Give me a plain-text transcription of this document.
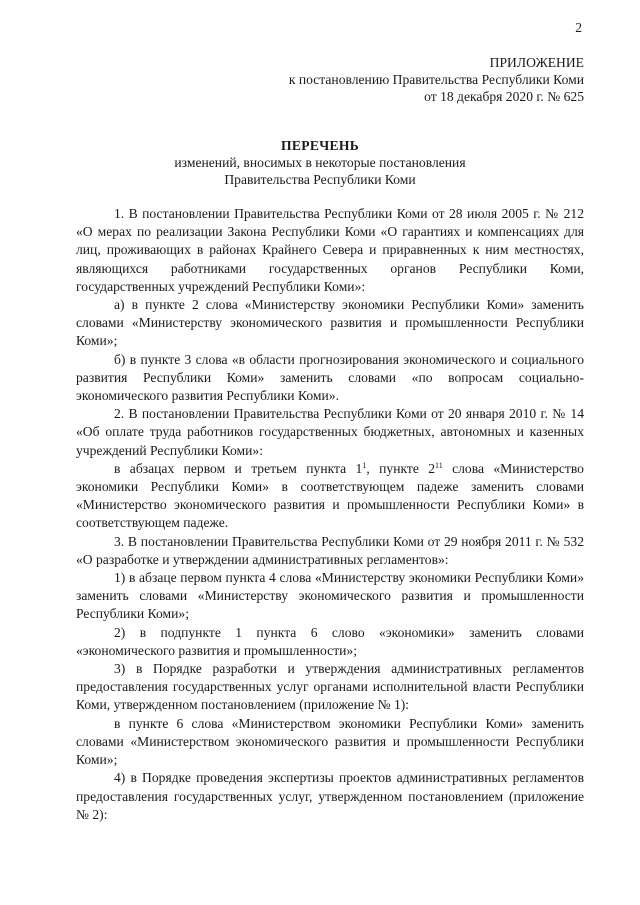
2
ПРИЛОЖЕНИЕ
к постановлению Правительства Республики Коми
от 18 декабря 2020 г. № 625
ПЕРЕЧЕНЬ
изменений, вносимых в некоторые постановления
Правительства Республики Коми

1. В постановлении Правительства Республики Коми от 28 июля 2005 г. № 212 «О мерах по реализации Закона Республики Коми «О гарантиях и компенсациях для лиц, проживающих в районах Крайнего Севера и приравненных к ним местностях, являющихся работниками государственных органов Республики Коми, государственных учреждений Республики Коми»:

а) в пункте 2 слова «Министерству экономики Республики Коми» заменить словами «Министерству экономического развития и промышленности Республики Коми»;

б) в пункте 3 слова «в области прогнозирования экономического и социального развития Республики Коми» заменить словами «по вопросам социально-экономического развития Республики Коми».

2. В постановлении Правительства Республики Коми от 20 января 2010 г. № 14 «Об оплате труда работников государственных бюджетных, автономных и казенных учреждений Республики Коми»:

в абзацах первом и третьем пункта $1^1$, пункте $2^{11}$ слова «Министерство экономики Республики Коми» в соответствующем падеже заменить словами «Министерство экономического развития и промышленности Республики Коми» в соответствующем падеже.

3. В постановлении Правительства Республики Коми от 29 ноября 2011 г. № 532 «О разработке и утверждении административных регламентов»:

1) в абзаце первом пункта 4 слова «Министерству экономики Республики Коми» заменить словами «Министерству экономического развития и промышленности Республики Коми»;

2) в подпункте 1 пункта 6 слово «экономики» заменить словами «экономического развития и промышленности»;

3) в Порядке разработки и утверждения административных регламентов предоставления государственных услуг органами исполнительной власти Республики Коми, утвержденном постановлением (приложение № 1):

в пункте 6 слова «Министерством экономики Республики Коми» заменить словами «Министерством экономического развития и промышленности Республики Коми»;

4) в Порядке проведения экспертизы проектов административных регламентов предоставления государственных услуг, утвержденном постановлением (приложение № 2):
